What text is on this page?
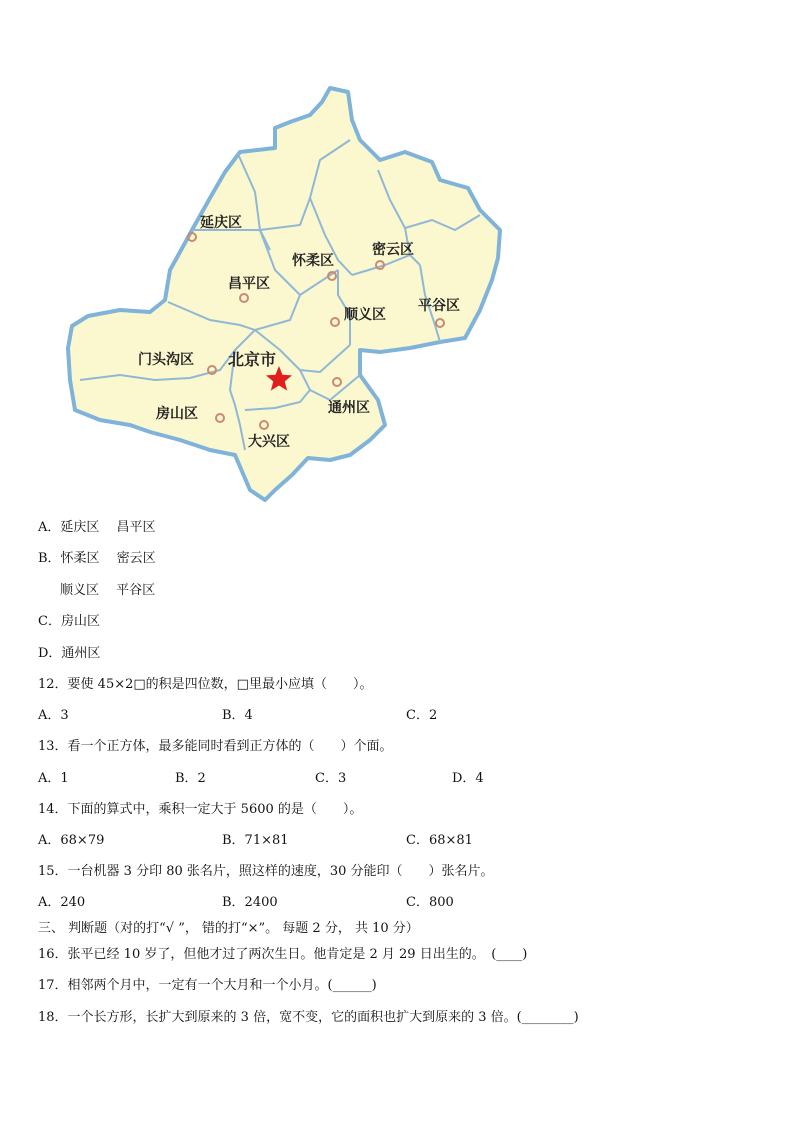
延庆区
怀柔区
密云区
昌平区
平谷区
顺义区
门头沟区 北京市
通州区
房山区
大兴区
A．延庆区　 昌平区
B．怀柔区　 密云区
顺义区　 平谷区
C．房山区
D．通州区
12．要使 45×2□的积是四位数，□里最小应填（　　）。
A．3	B．4	C．2
13．看一个正方体，最多能同时看到正方体的（　　）个面。
A．1	B．2	C．3	D．4
14．下面的算式中，乘积一定大于 5600 的是（　　）。
A．68×79	B．71×81	C．68×81
15．一台机器 3 分印 80 张名片，照这样的速度，30 分能印（　　）张名片。
A．240	B．2400	C．800
三、 判断题（对的打“√ ”， 错的打“×”。 每题 2 分， 共 10 分）
16．张平已经 10 岁了，但他才过了两次生日。他肯定是 2 月 29 日出生的。　(____)
17．相邻两个月中，一定有一个大月和一个小月。(______)
18．一个长方形，长扩大到原来的 3 倍，宽不变，它的面积也扩大到原来的 3 倍。(________)
